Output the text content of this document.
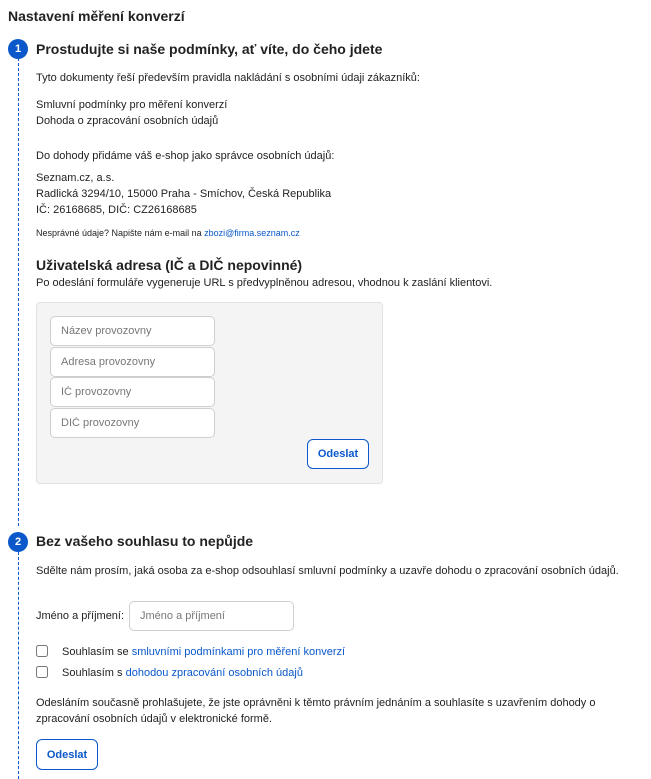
Nastavení měření konverzí
1	Prostudujte si naše podmínky, ať víte, do čeho jdete
Tyto dokumenty řeší především pravidla nakládání s osobními údaji zákazníků:
Smluvní podmínky pro měření konverzí
Dohoda o zpracování osobních údajů
Do dohody přidáme váš e-shop jako správce osobních údajů:
Seznam.cz, a.s.
Radlická 3294/10, 15000 Praha - Smíchov, Česká Republika
IČ: 26168685, DIČ: CZ26168685
Nesprávné údaje? Napište nám e-mail na zbozi@firma.seznam.cz
Uživatelská adresa (IČ a DIČ nepovinné)
Po odeslání formuláře vygeneruje URL s předvyplněnou adresou, vhodnou k zaslání klientovi.
Název provozovny
Adresa provozovny
IČ provozovny
DIČ provozovny
Odeslat
2	Bez vašeho souhlasu to nepůjde
Sdělte nám prosím, jaká osoba za e-shop odsouhlasí smluvní podmínky a uzavře dohodu o zpracování osobních údajů.
Jméno a příjmení:
Jméno a příjmení
Souhlasím se smluvními podmínkami pro měření konverzí
Souhlasím s dohodou zpracování osobních údajů
Odesláním současně prohlašujete, že jste oprávněni k těmto právním jednáním a souhlasíte s uzavřením dohody o zpracování osobních údajů v elektronické formě.
Odeslat
